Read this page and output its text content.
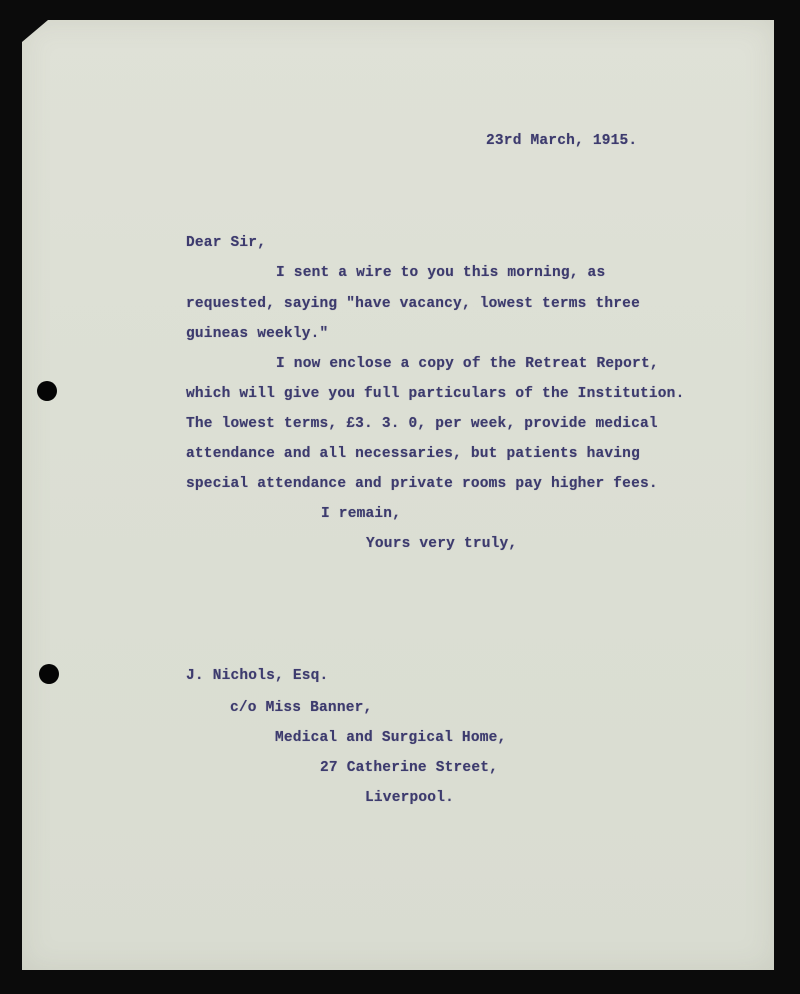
23rd March, 1915.
Dear Sir,
I sent a wire to you this morning, as
requested, saying "have vacancy, lowest terms three
guineas weekly."
I now enclose a copy of the Retreat Report,
which will give you full particulars of the Institution.
The lowest terms, £3. 3. 0, per week, provide medical
attendance and all necessaries, but patients having
special attendance and private rooms pay higher fees.
I remain,
Yours very truly,
J. Nichols, Esq.
c/o Miss Banner,
Medical and Surgical Home,
27 Catherine Street,
Liverpool.
